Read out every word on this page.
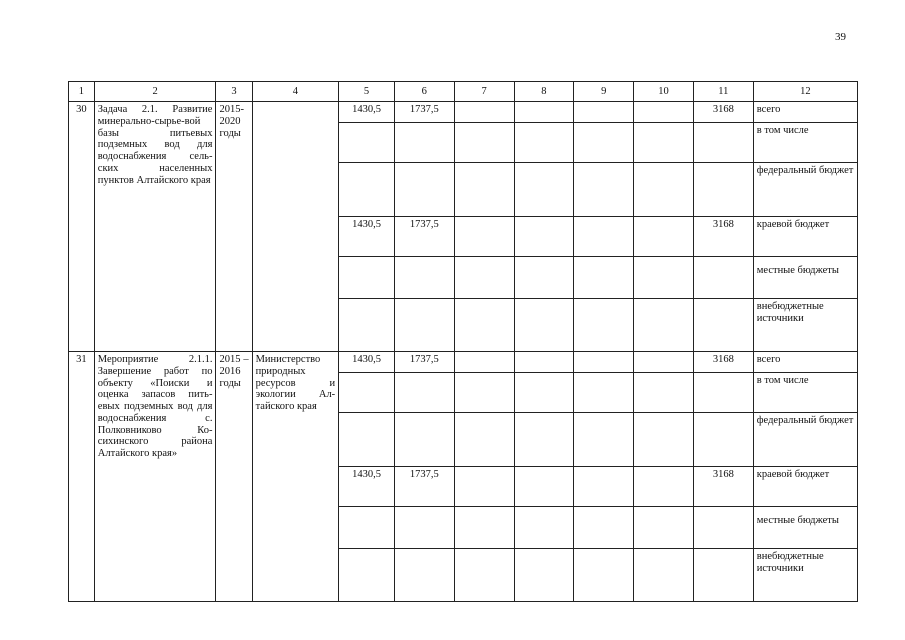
39
1	2	3	4	5	6	7	8	9	10	11	12
30	Задача 2.1. Развитие минерально-сырье-вой базы питьевых подземных вод для водоснабжения сель-ских населенных пунктов Алтайского края	2015-2020 годы		1430,5	1737,5					3168	всего
											в том числе
											федеральный бюджет
				1430,5	1737,5					3168	краевой бюджет
											местные бюджеты
											внебюджетные источники
31	Мероприятие 2.1.1. Завершение работ по объекту «Поиски и оценка запасов пить-евых подземных вод для водоснабжения с. Полковниково Ко-сихинского района Алтайского края»	2015 – 2016 годы	Министерство природных ресурсов и экологии Ал-тайского края	1430,5	1737,5					3168	всего
											в том числе
											федеральный бюджет
				1430,5	1737,5					3168	краевой бюджет
											местные бюджеты
											внебюджетные источники
